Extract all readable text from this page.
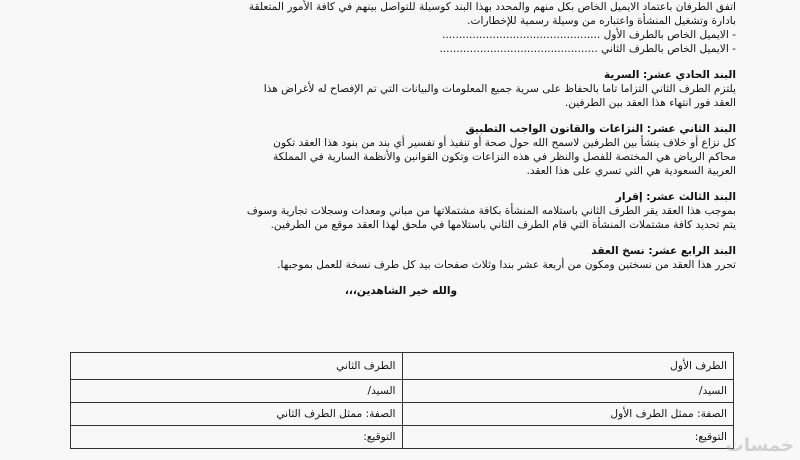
اتفق الطرفان باعتماد الايميل الخاص بكل منهم والمحدد بهذا البند كوسيلة للتواصل بينهم في كافة الأمور المتعلقة

بادارة وتشغيل المنشأة واعتباره من وسيلة رسمية للإخطارات.

- الايميل الخاص بالطرف الأول ...............................................

- الايميل الخاص بالطرف الثاني ...............................................

البند الحادي عشر: السرية

يلتزم الطرف الثاني التزاما تاما بالحفاظ على سرية جميع المعلومات والبيانات التي تم الإفصاح له لأغراض هذا

العقد فور انتهاء هذا العقد بين الطرفين.

البند الثاني عشر: النزاعات والقانون الواجب التطبيق

كل نزاع أو خلاف ينشأ بين الطرفين لاسمح الله حول صحة أو تنفيذ أو تفسير أي بند من بنود هذا العقد تكون

محاكم الرياض هي المختصة للفصل والنظر في هذه النزاعات وتكون القوانين والأنظمة السارية في المملكة

العربية السعودية هي التي تسري على هذا العقد.

البند الثالث عشر: إقرار

بموجب هذا العقد يقر الطرف الثاني باستلامه المنشأة بكافة مشتملاتها من مباني ومعدات وسجلات تجارية وسوف

يتم تحديد كافة مشتملات المنشأة التي قام الطرف الثاني باستلامها في ملحق لهذا العقد موقع من الطرفين.

البند الرابع عشر: نسخ العقد

تحرر هذا العقد من نسختين ومكون من أربعة عشر بندا وثلاث صفحات بيد كل طرف نسخة للعمل بموجبها.

والله خير الشاهدين،،،

الطرف الأول	الطرف الثاني
السيد/	السيد/
الصفة: ممثل الطرف الأول	الصفة: ممثل الطرف الثاني
التوقيع:	التوقيع:	خمسات
